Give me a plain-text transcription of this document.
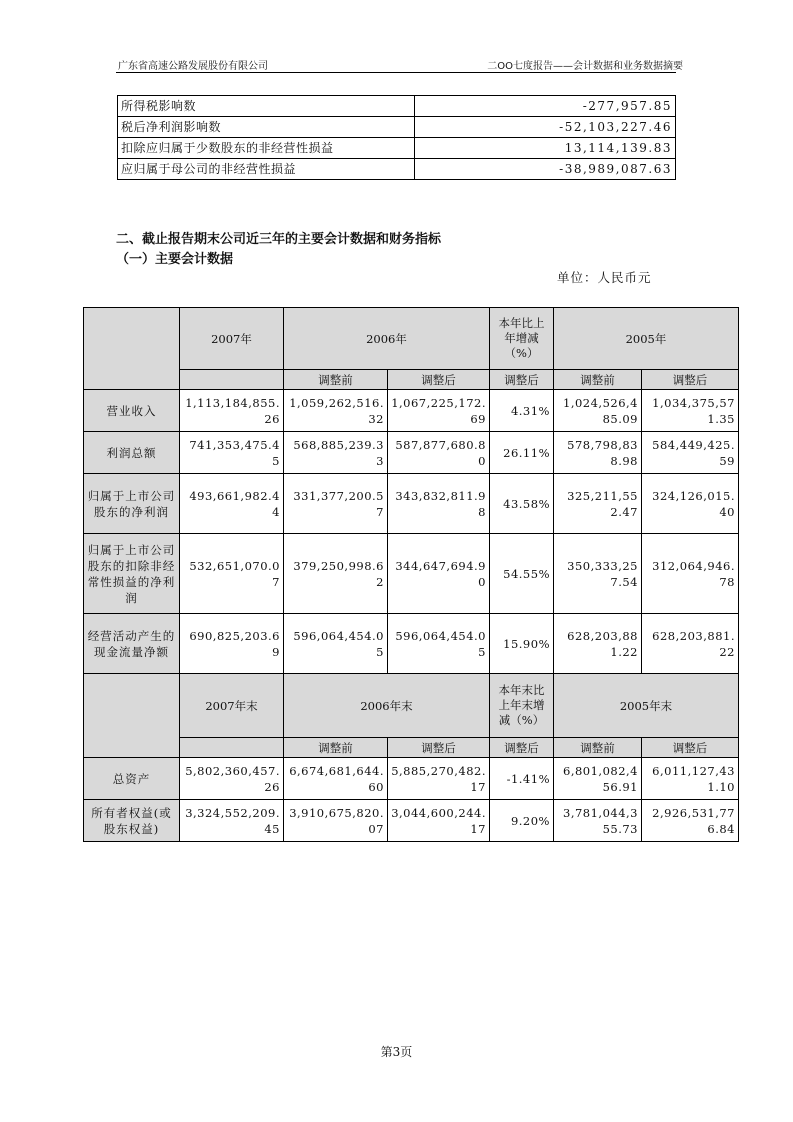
广东省高速公路发展股份有限公司	二OO七度报告——会计数据和业务数据摘要
所得税影响数	-277,957.85
税后净利润影响数	-52,103,227.46
扣除应归属于少数股东的非经营性损益	13,114,139.83
应归属于母公司的非经营性损益	-38,989,087.63
二、截止报告期末公司近三年的主要会计数据和财务指标
（一）主要会计数据
单位：人民币元
	2007年	2006年		本年比上年增减（%）	2005年	
		调整前	调整后	调整后	调整前	调整后
营业收入	1,113,184,855.26	1,059,262,516.32	1,067,225,172.69	4.31%	1,024,526,485.09	1,034,375,571.35
利润总额	741,353,475.45	568,885,239.33	587,877,680.80	26.11%	578,798,838.98	584,449,425.59
归属于上市公司股东的净利润	493,661,982.44	331,377,200.57	343,832,811.98	43.58%	325,211,552.47	324,126,015.40
归属于上市公司股东的扣除非经常性损益的净利润	532,651,070.07	379,250,998.62	344,647,694.90	54.55%	350,333,257.54	312,064,946.78
经营活动产生的现金流量净额	690,825,203.69	596,064,454.05	596,064,454.05	15.90%	628,203,881.22	628,203,881.22
	2007年末	2006年末		本年末比上年末增减（%）	2005年末	
		调整前	调整后	调整后	调整前	调整后
总资产	5,802,360,457.26	6,674,681,644.60	5,885,270,482.17	-1.41%	6,801,082,456.91	6,011,127,431.10
所有者权益(或股东权益)	3,324,552,209.45	3,910,675,820.07	3,044,600,244.17	9.20%	3,781,044,355.73	2,926,531,776.84
第3页
